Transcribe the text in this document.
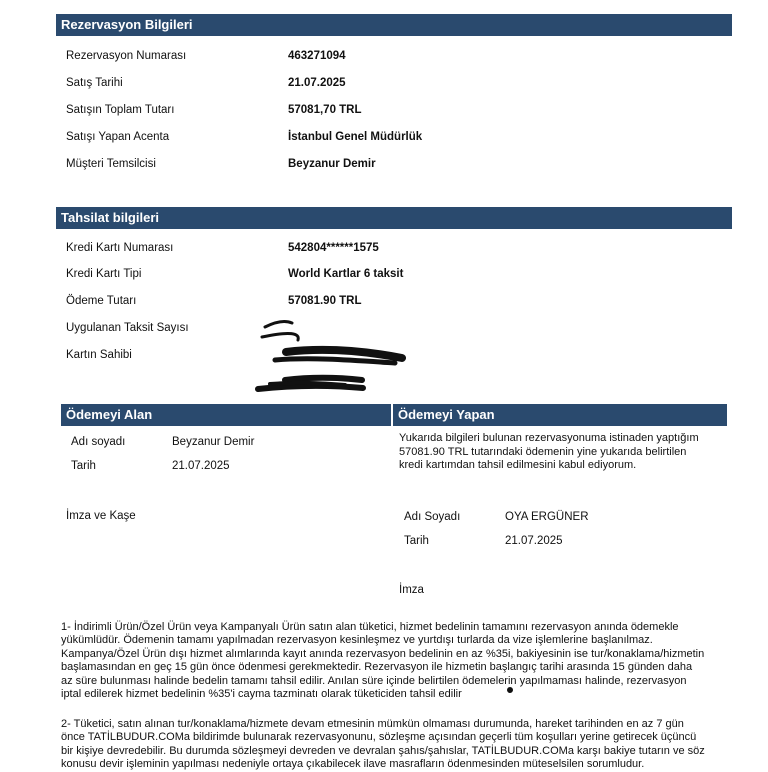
Rezervasyon Bilgileri
Rezervasyon Numarası	463271094
Satış Tarihi	21.07.2025
Satışın Toplam Tutarı	57081,70 TRL
Satışı Yapan Acenta	İstanbul Genel Müdürlük
Müşteri Temsilcisi	Beyzanur Demir
Tahsilat bilgileri
Kredi Kartı Numarası	542804******1575
Kredi Kartı Tipi	World Kartlar 6 taksit
Ödeme Tutarı	57081.90 TRL
Uygulanan Taksit Sayısı
Kartın Sahibi
Ödemeyi Alan	Ödemeyi Yapan
Adı soyadı	Beyzanur Demir
Tarih	21.07.2025
İmza ve Kaşe
Yukarıda bilgileri bulunan rezervasyonuma istinaden yaptığım
57081.90 TRL tutarındaki ödemenin yine yukarıda belirtilen
kredi kartımdan tahsil edilmesini kabul ediyorum.
Adı Soyadı	OYA ERGÜNER
Tarih	21.07.2025
İmza
1- İndirimli Ürün/Özel Ürün veya Kampanyalı Ürün satın alan tüketici, hizmet bedelinin tamamını rezervasyon anında ödemekle
yükümlüdür. Ödemenin tamamı yapılmadan rezervasyon kesinleşmez ve yurtdışı turlarda da vize işlemlerine başlanılmaz.
Kampanya/Özel Ürün dışı hizmet alımlarında kayıt anında rezervasyon bedelinin en az %35i, bakiyesinin ise tur/konaklama/hizmetin
başlamasından en geç 15 gün önce ödenmesi gerekmektedir. Rezervasyon ile hizmetin başlangıç tarihi arasında 15 günden daha
az süre bulunması halinde bedelin tamamı tahsil edilir. Anılan süre içinde belirtilen ödemelerin yapılmaması halinde, rezervasyon
iptal edilerek hizmet bedelinin %35'i cayma tazminatı olarak tüketiciden tahsil edilir
2- Tüketici, satın alınan tur/konaklama/hizmete devam etmesinin mümkün olmaması durumunda, hareket tarihinden en az 7 gün
önce TATİLBUDUR.COMa bildirimde bulunarak rezervasyonunu, sözleşme açısından geçerli tüm koşulları yerine getirecek üçüncü
bir kişiye devredebilir. Bu durumda sözleşmeyi devreden ve devralan şahıs/şahıslar, TATİLBUDUR.COMa karşı bakiye tutarın ve söz
konusu devir işleminin yapılması nedeniyle ortaya çıkabilecek ilave masrafların ödenmesinden müteselsilen sorumludur.
